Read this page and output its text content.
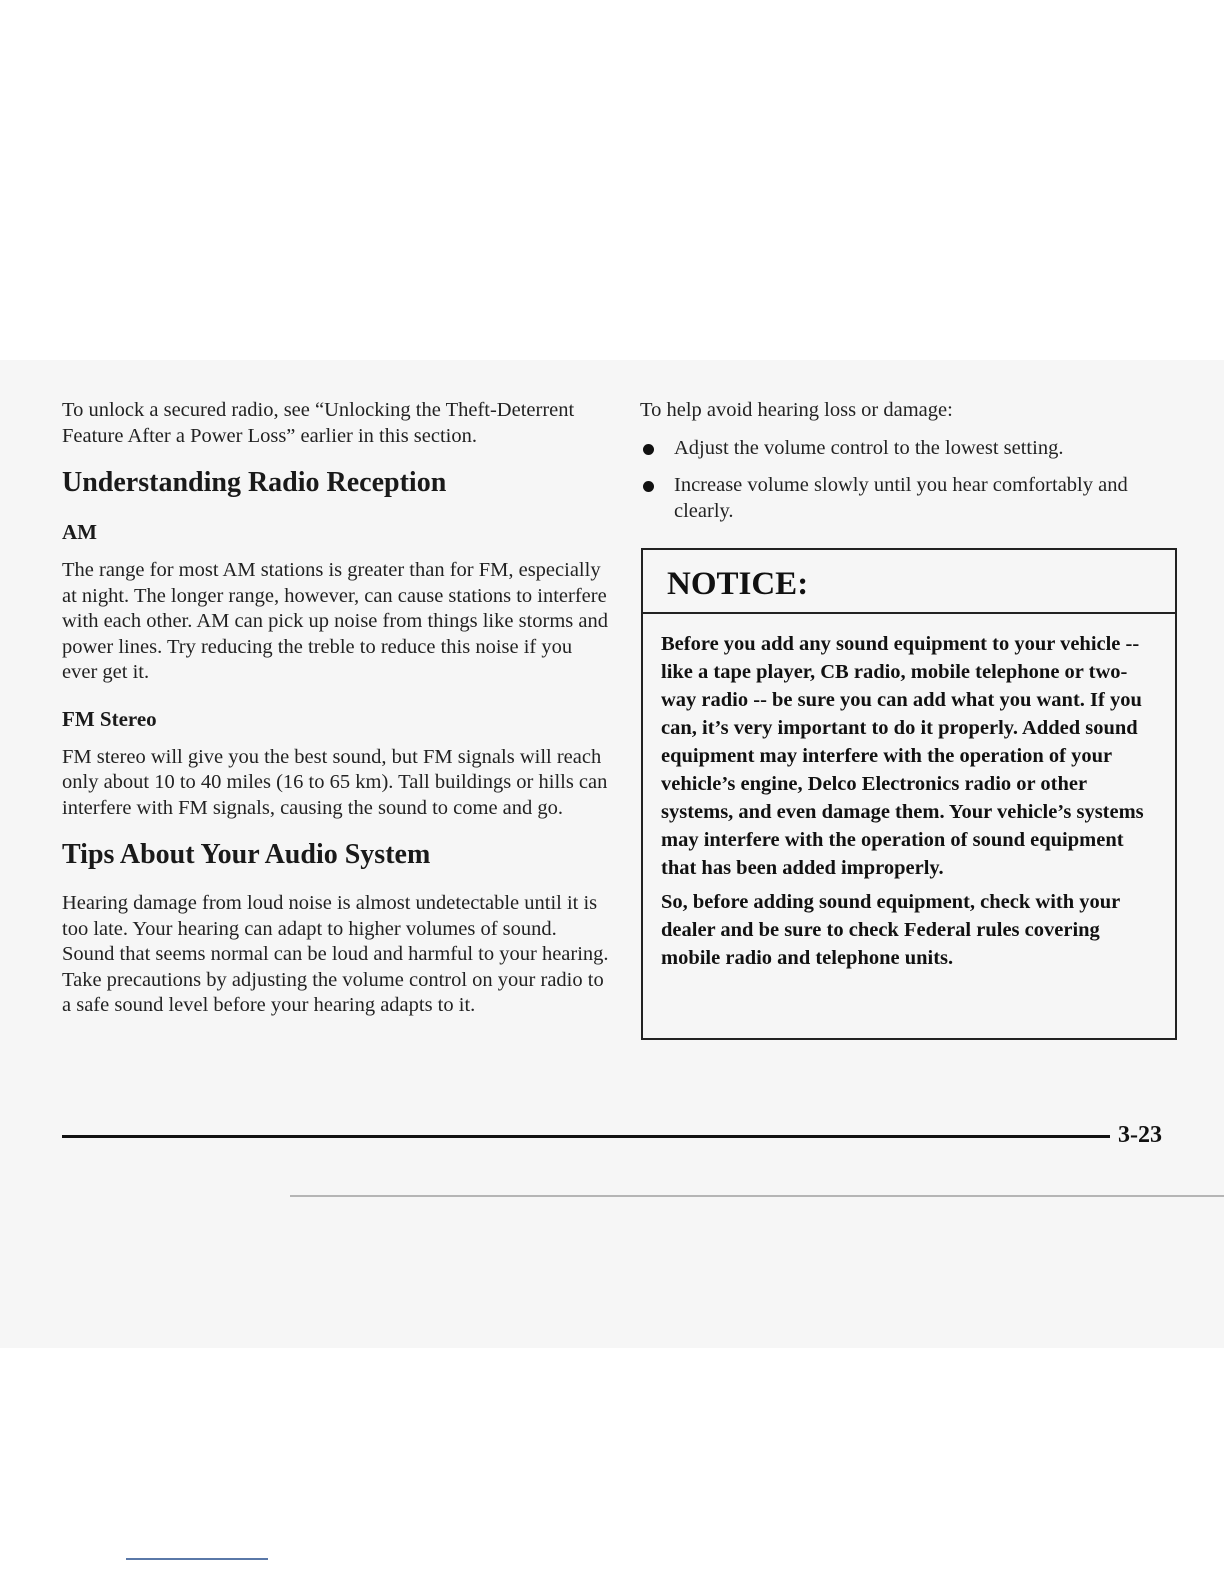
To unlock a secured radio, see “Unlocking the Theft-Deterrent Feature After a Power Loss” earlier in this section.

Understanding Radio Reception
AM

The range for most AM stations is greater than for FM, especially at night. The longer range, however, can cause stations to interfere with each other. AM can pick up noise from things like storms and power lines. Try reducing the treble to reduce this noise if you ever get it.

FM Stereo

FM stereo will give you the best sound, but FM signals will reach only about 10 to 40 miles (16 to 65 km). Tall buildings or hills can interfere with FM signals, causing the sound to come and go.

Tips About Your Audio System

Hearing damage from loud noise is almost undetectable until it is too late. Your hearing can adapt to higher volumes of sound. Sound that seems normal can be loud and harmful to your hearing. Take precautions by adjusting the volume control on your radio to a safe sound level before your hearing adapts to it.

To help avoid hearing loss or damage:

Adjust the volume control to the lowest setting.
Increase volume slowly until you hear comfortably and clearly.
NOTICE:

Before you add any sound equipment to your vehicle -- like a tape player, CB radio, mobile telephone or two-way radio -- be sure you can add what you want. If you can, it’s very important to do it properly. Added sound equipment may interfere with the operation of your vehicle’s engine, Delco Electronics radio or other systems, and even damage them. Your vehicle’s systems may interfere with the operation of sound equipment that has been added improperly.

So, before adding sound equipment, check with your dealer and be sure to check Federal rules covering mobile radio and telephone units.

3-23
